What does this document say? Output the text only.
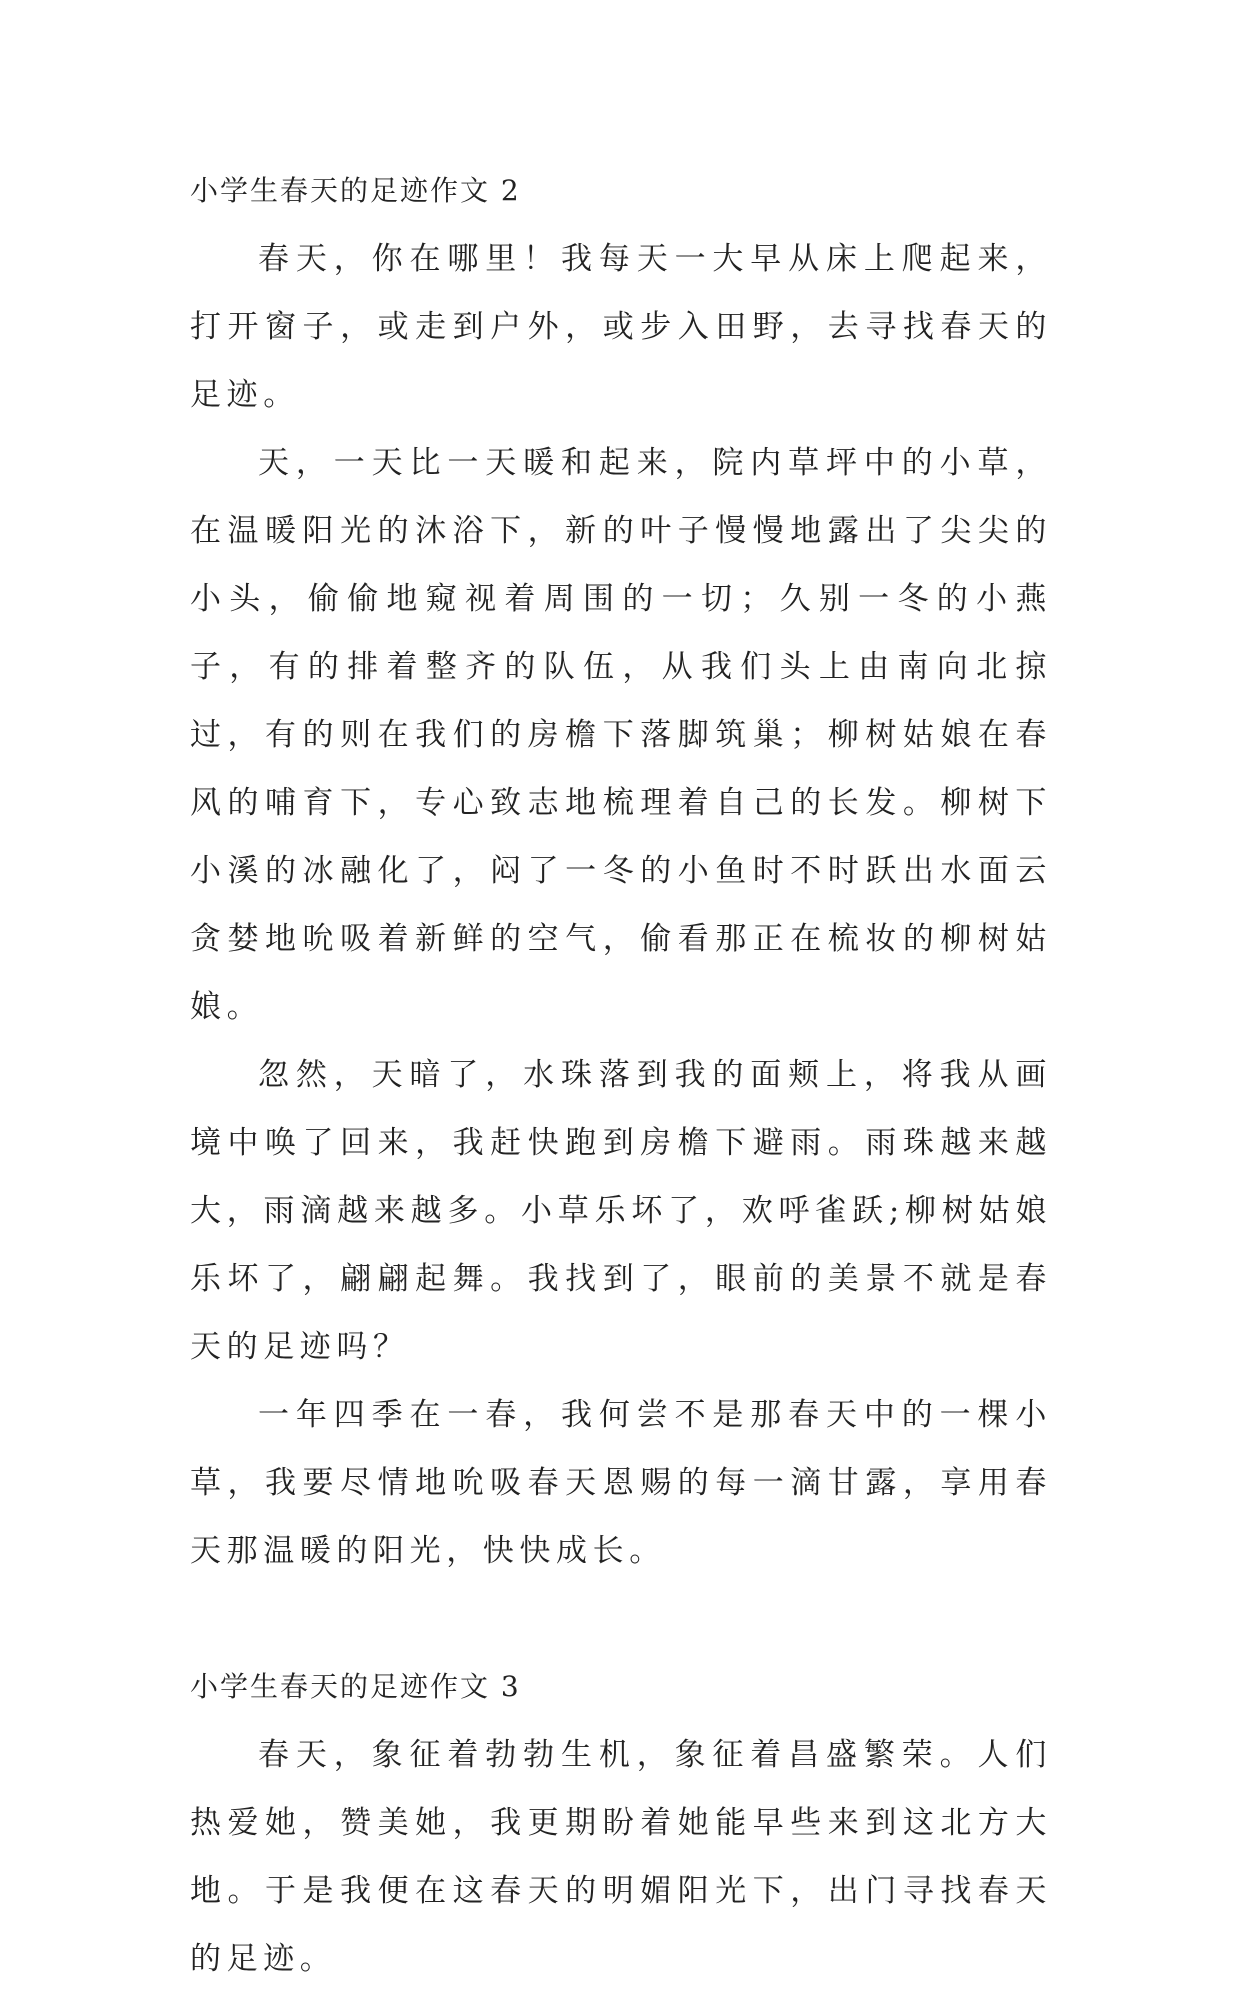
小学生春天的足迹作文 2

春天，你在哪里！我每天一大早从床上爬起来，打开窗子，或走到户外，或步入田野，去寻找春天的足迹。

天，一天比一天暖和起来，院内草坪中的小草，在温暖阳光的沐浴下，新的叶子慢慢地露出了尖尖的小头，偷偷地窥视着周围的一切；久别一冬的小燕子，有的排着整齐的队伍，从我们头上由南向北掠过，有的则在我们的房檐下落脚筑巢；柳树姑娘在春风的哺育下，专心致志地梳理着自己的长发。柳树下小溪的冰融化了，闷了一冬的小鱼时不时跃出水面云贪婪地吮吸着新鲜的空气，偷看那正在梳妆的柳树姑娘。

忽然，天暗了，水珠落到我的面颊上，将我从画境中唤了回来，我赶快跑到房檐下避雨。雨珠越来越大，雨滴越来越多。小草乐坏了，欢呼雀跃;柳树姑娘乐坏了，翩翩起舞。我找到了，眼前的美景不就是春天的足迹吗？

一年四季在一春，我何尝不是那春天中的一棵小草，我要尽情地吮吸春天恩赐的每一滴甘露，享用春天那温暖的阳光，快快成长。

小学生春天的足迹作文 3

春天，象征着勃勃生机，象征着昌盛繁荣。人们热爱她，赞美她，我更期盼着她能早些来到这北方大地。于是我便在这春天的明媚阳光下，出门寻找春天的足迹。
